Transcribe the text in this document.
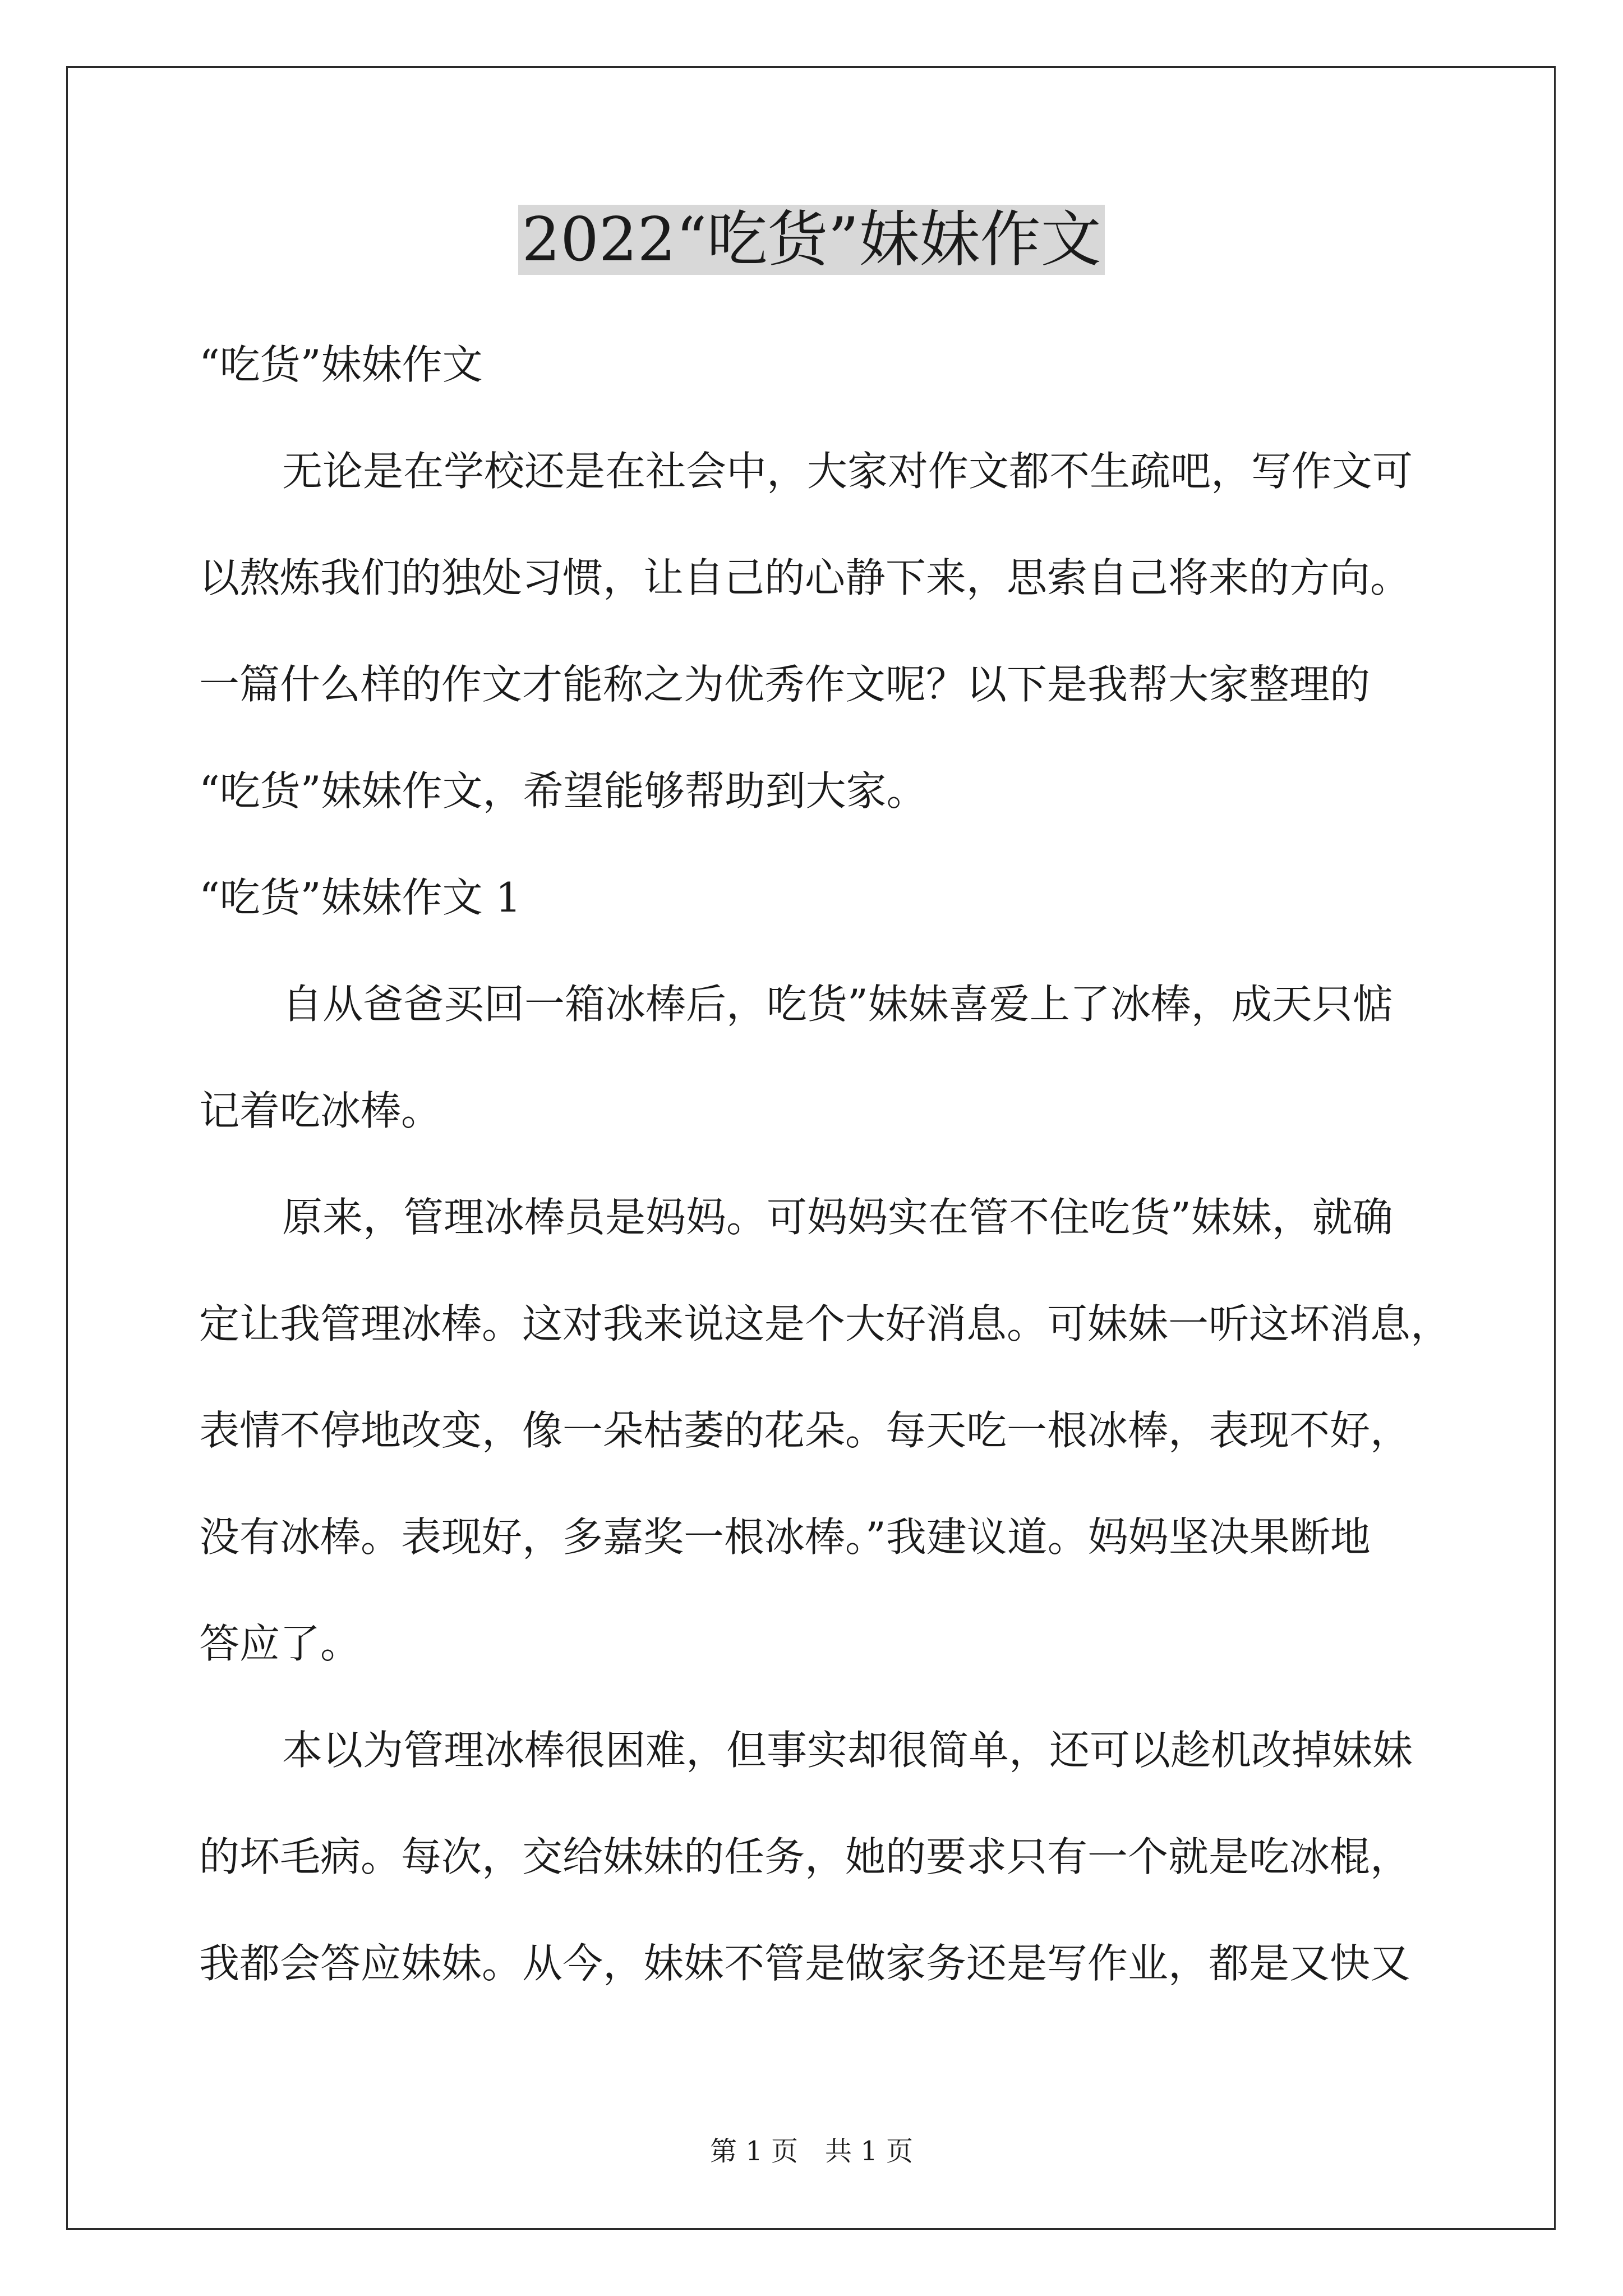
2022“吃货”妹妹作文
“吃货”妹妹作文
无论是在学校还是在社会中，大家对作文都不生疏吧，写作文可
以熬炼我们的独处习惯，让自己的心静下来，思索自己将来的方向。
一篇什么样的作文才能称之为优秀作文呢？以下是我帮大家整理的
“吃货”妹妹作文，希望能够帮助到大家。
“吃货”妹妹作文 1
自从爸爸买回一箱冰棒后，吃货”妹妹喜爱上了冰棒，成天只惦
记着吃冰棒。
原来，管理冰棒员是妈妈。可妈妈实在管不住吃货”妹妹，就确
定让我管理冰棒。这对我来说这是个大好消息。可妹妹一听这坏消息，
表情不停地改变，像一朵枯萎的花朵。每天吃一根冰棒，表现不好，
没有冰棒。表现好，多嘉奖一根冰棒。”我建议道。妈妈坚决果断地
答应了。
本以为管理冰棒很困难，但事实却很简单，还可以趁机改掉妹妹
的坏毛病。每次，交给妹妹的任务，她的要求只有一个就是吃冰棍，
我都会答应妹妹。从今，妹妹不管是做家务还是写作业，都是又快又
第 1 页　共 1 页
